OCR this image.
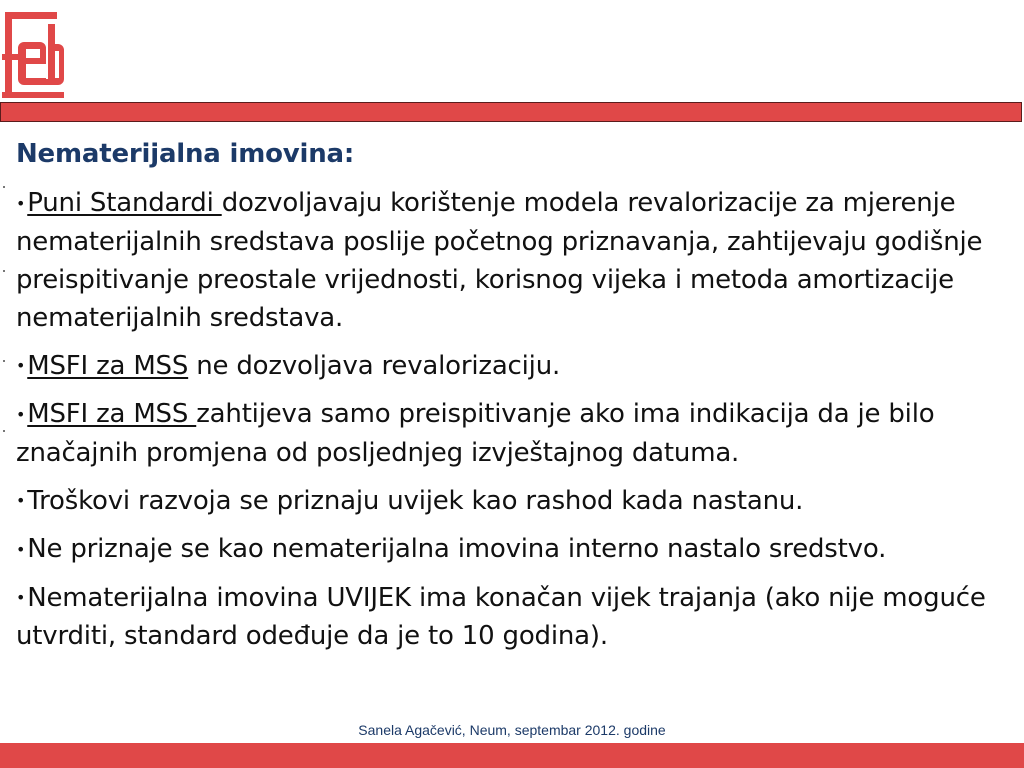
Nematerijalna imovina:
•Puni Standardi dozvoljavaju korištenje modela revalorizacije za mjerenje nematerijalnih sredstava poslije početnog priznavanja, zahtijevaju godišnje preispitivanje preostale vrijednosti, korisnog vijeka i metoda amortizacije nematerijalnih sredstava.
•MSFI za MSS ne dozvoljava revalorizaciju.
•MSFI za MSS zahtijeva samo preispitivanje ako ima indikacija da je bilo značajnih promjena od posljednjeg izvještajnog datuma.
•Troškovi razvoja se priznaju uvijek kao rashod kada nastanu.
•Ne priznaje se kao nematerijalna imovina interno nastalo sredstvo.
•Nematerijalna imovina UVIJEK ima konačan vijek trajanja (ako nije moguće utvrditi, standard odeđuje da je to 10 godina).
Sanela Agačević, Neum, septembar 2012. godine
